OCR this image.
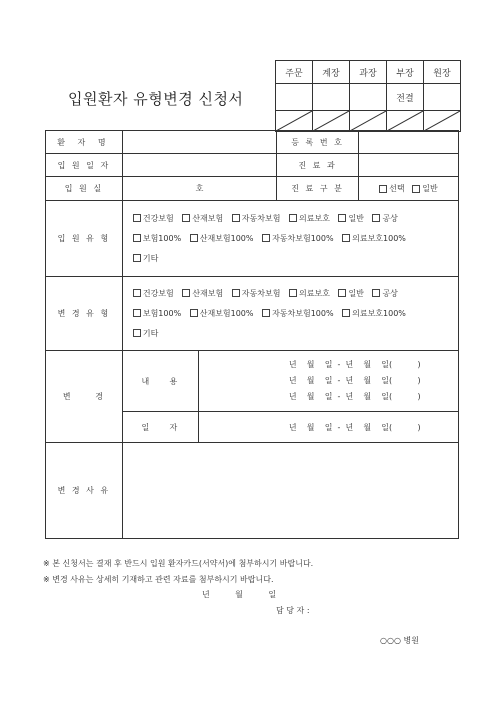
입원환자 유형변경 신청서
주문	계장	과장	부장	원장
			전결	

환 자 명			등 록 번 호	
입 원 일 자			진 료 과	
입 원 실	호		진 료 구 분	선택 일반
입 원 유 형	건강보험 산재보험 자동차보험 의료보호 일반 공상
보험100% 산재보험100% 자동차보험100% 의료보호100%
기타			

변 경 유 형	건강보험 산재보험 자동차보험 의료보호 일반 공상
보험100% 산재보험100% 자동차보험100% 의료보호100%
기타			

변     경	내    용	년    월    일  -  년    월    일(          )
년    월    일  -  년    월    일(          )
년    월    일  -  년    월    일(          )		

	일    자	년    월    일  -  년    월    일(          )		

변 경 사 유				
※ 본 신청서는 결재 후 반드시 입원 환자카드(서약서)에 첨부하시기 바랍니다.
※ 변경 사유는 상세히 기재하고 관련 자료를 첨부하시기 바랍니다.
년          월          일
담 당 자 :
○○○ 병원
